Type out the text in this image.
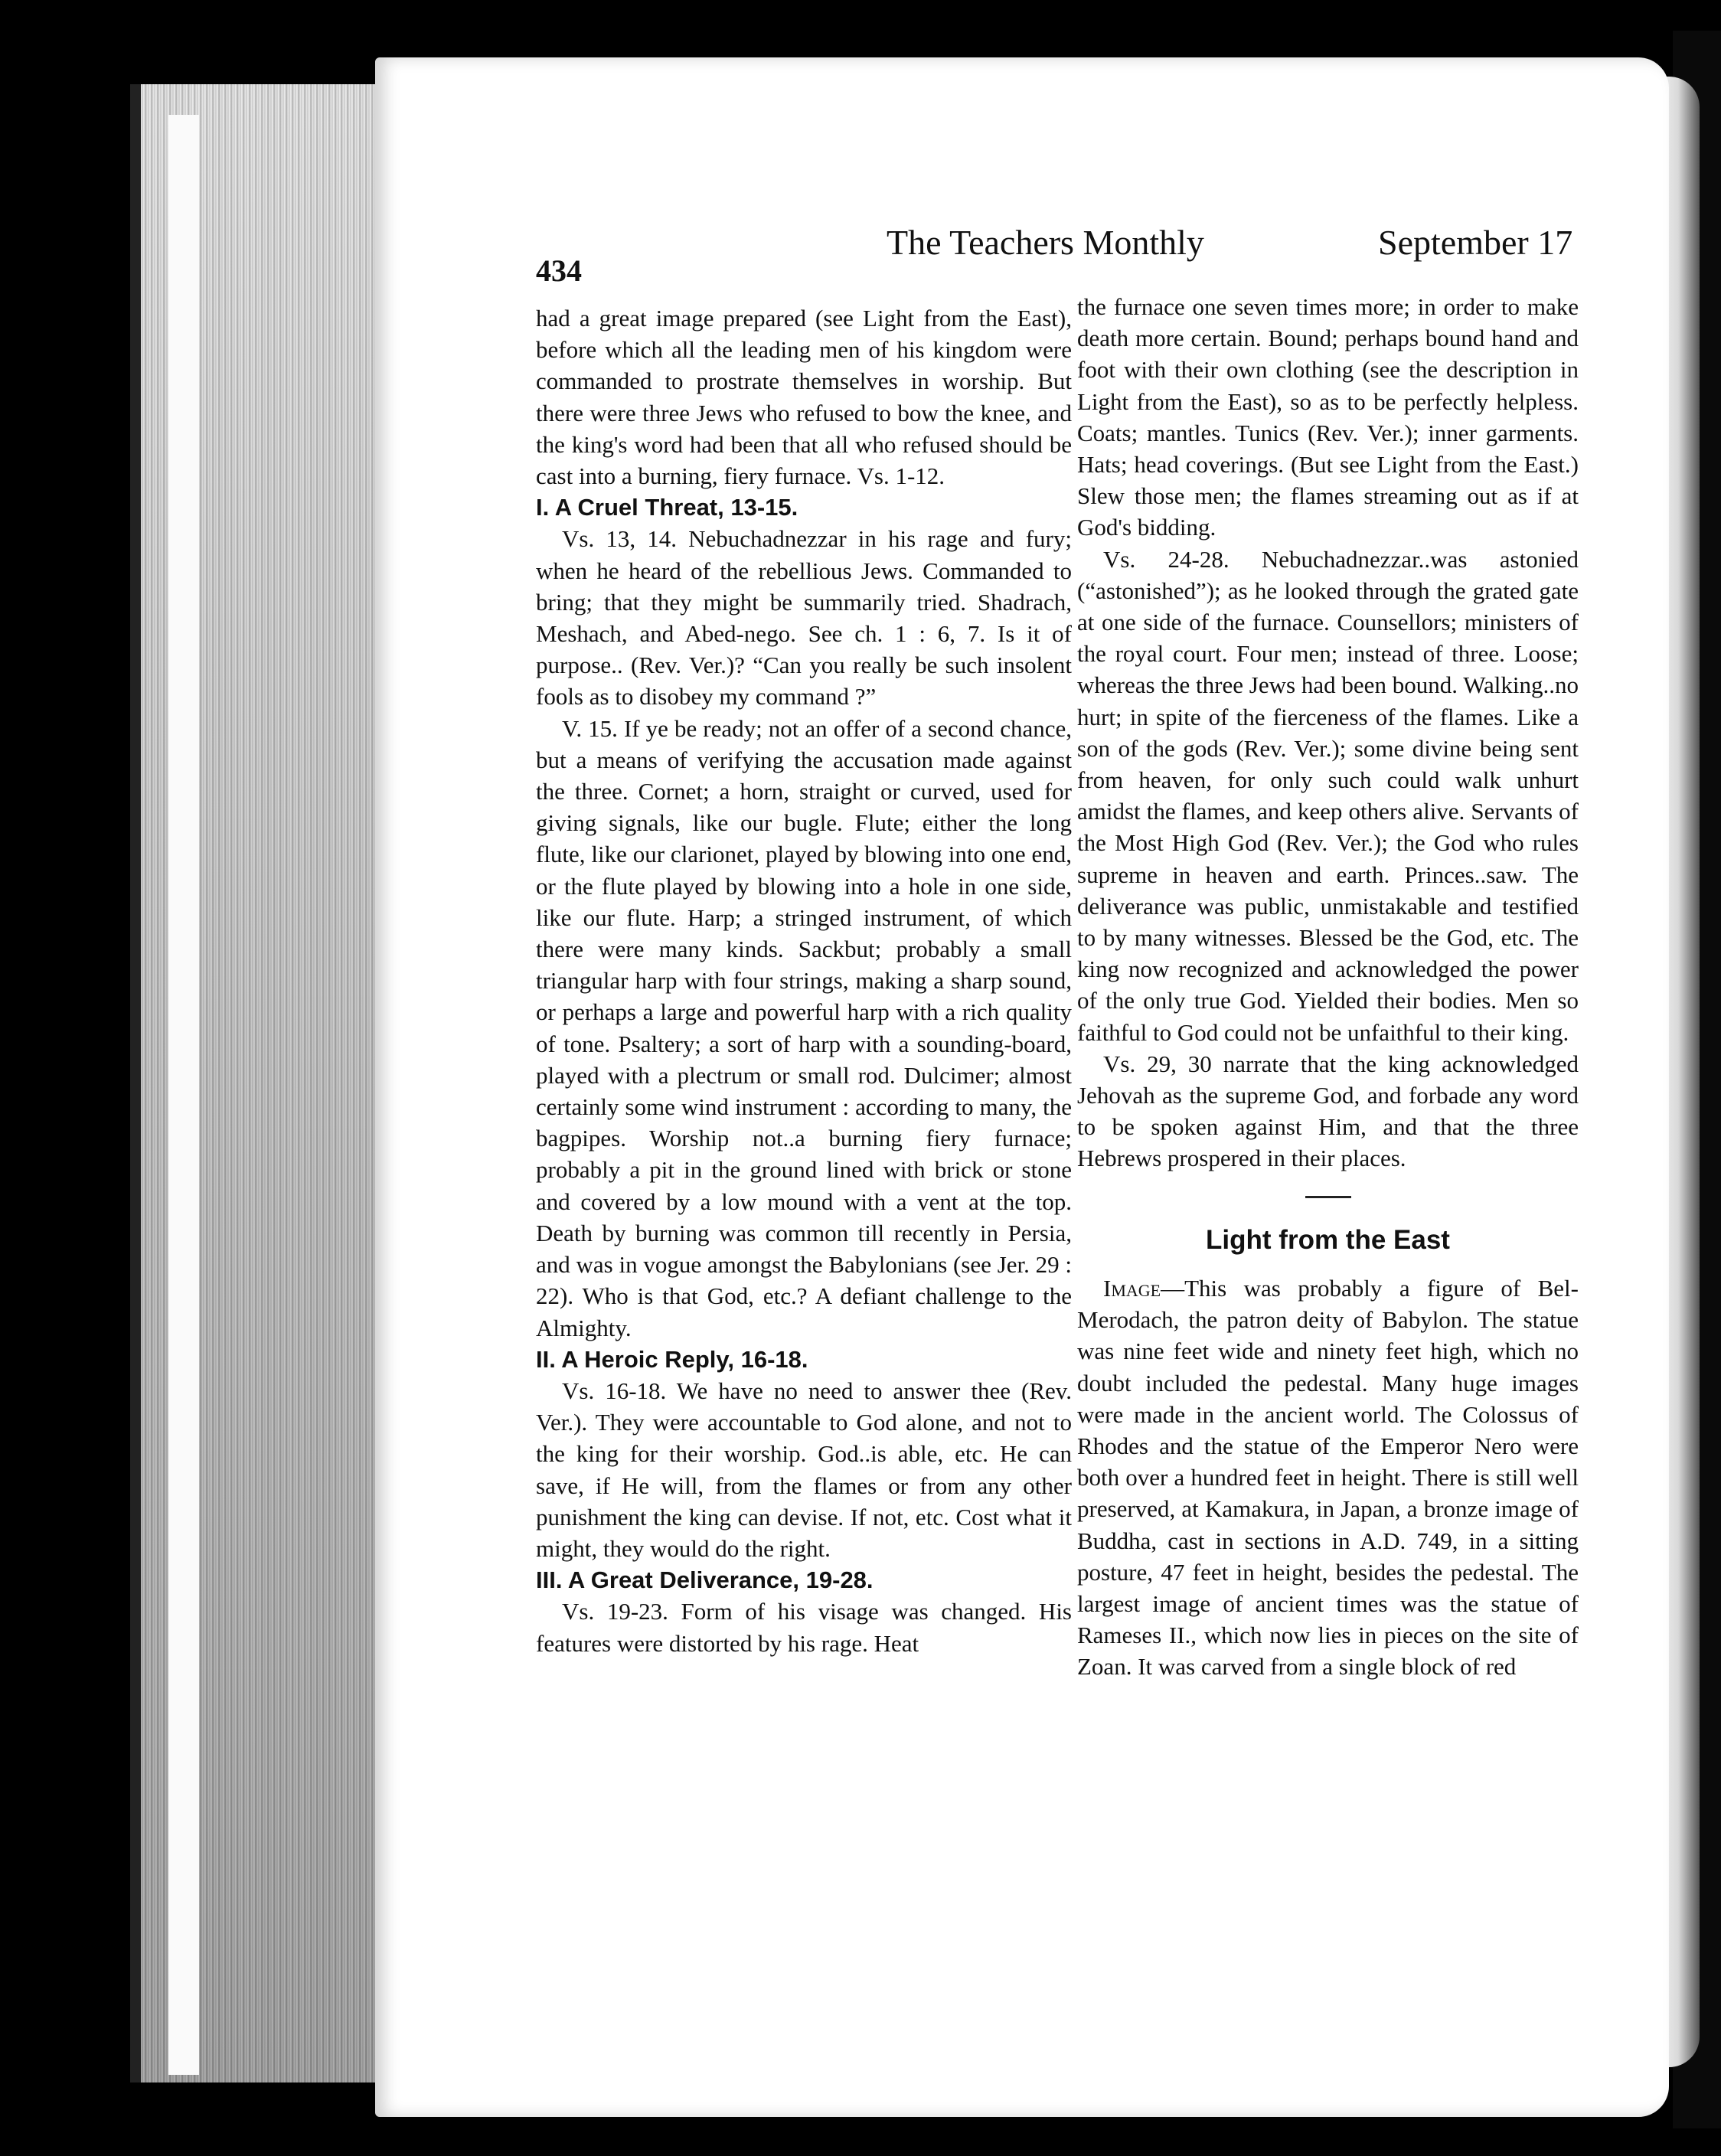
434
The Teachers Monthly	September 17

had a great image prepared (see Light from the East), before which all the leading men of his kingdom were commanded to prostrate themselves in worship. But there were three Jews who refused to bow the knee, and the king's word had been that all who refused should be cast into a burning, fiery furnace. Vs. 1-12.

I. A Cruel Threat, 13-15.

Vs. 13, 14. Nebuchadnezzar in his rage and fury; when he heard of the rebellious Jews. Commanded to bring; that they might be summarily tried. Shadrach, Meshach, and Abed-nego. See ch. 1 : 6, 7. Is it of purpose.. (Rev. Ver.)? “Can you really be such insolent fools as to disobey my command ?”

V. 15. If ye be ready; not an offer of a second chance, but a means of verifying the accusation made against the three. Cornet; a horn, straight or curved, used for giving signals, like our bugle. Flute; either the long flute, like our clarionet, played by blowing into one end, or the flute played by blowing into a hole in one side, like our flute. Harp; a stringed instrument, of which there were many kinds. Sackbut; probably a small triangular harp with four strings, making a sharp sound, or perhaps a large and powerful harp with a rich quality of tone. Psaltery; a sort of harp with a sounding-board, played with a plectrum or small rod. Dulcimer; almost certainly some wind instrument : according to many, the bagpipes. Worship not..a burning fiery furnace; probably a pit in the ground lined with brick or stone and covered by a low mound with a vent at the top. Death by burning was common till recently in Persia, and was in vogue amongst the Babylonians (see Jer. 29 : 22). Who is that God, etc.? A defiant challenge to the Almighty.

II. A Heroic Reply, 16-18.

Vs. 16-18. We have no need to answer thee (Rev. Ver.). They were accountable to God alone, and not to the king for their worship. God..is able, etc. He can save, if He will, from the flames or from any other punishment the king can devise. If not, etc. Cost what it might, they would do the right.

III. A Great Deliverance, 19-28.

Vs. 19-23. Form of his visage was changed. His features were distorted by his rage. Heat

the furnace one seven times more; in order to make death more certain. Bound; perhaps bound hand and foot with their own clothing (see the description in Light from the East), so as to be perfectly helpless. Coats; mantles. Tunics (Rev. Ver.); inner garments. Hats; head coverings. (But see Light from the East.) Slew those men; the flames streaming out as if at God's bidding.

Vs. 24-28. Nebuchadnezzar..was astonied (“astonished”); as he looked through the grated gate at one side of the furnace. Counsellors; ministers of the royal court. Four men; instead of three. Loose; whereas the three Jews had been bound. Walking..no hurt; in spite of the fierceness of the flames. Like a son of the gods (Rev. Ver.); some divine being sent from heaven, for only such could walk unhurt amidst the flames, and keep others alive. Servants of the Most High God (Rev. Ver.); the God who rules supreme in heaven and earth. Princes..saw. The deliverance was public, unmistakable and testified to by many witnesses. Blessed be the God, etc. The king now recognized and acknowledged the power of the only true God. Yielded their bodies. Men so faithful to God could not be unfaithful to their king.

Vs. 29, 30 narrate that the king acknowledged Jehovah as the supreme God, and forbade any word to be spoken against Him, and that the three Hebrews prospered in their places.

Light from the East

Image—This was probably a figure of Bel-Merodach, the patron deity of Babylon. The statue was nine feet wide and ninety feet high, which no doubt included the pedestal. Many huge images were made in the ancient world. The Colossus of Rhodes and the statue of the Emperor Nero were both over a hundred feet in height. There is still well preserved, at Kamakura, in Japan, a bronze image of Buddha, cast in sections in A.D. 749, in a sitting posture, 47 feet in height, besides the pedestal. The largest image of ancient times was the statue of Rameses II., which now lies in pieces on the site of Zoan. It was carved from a single block of red
